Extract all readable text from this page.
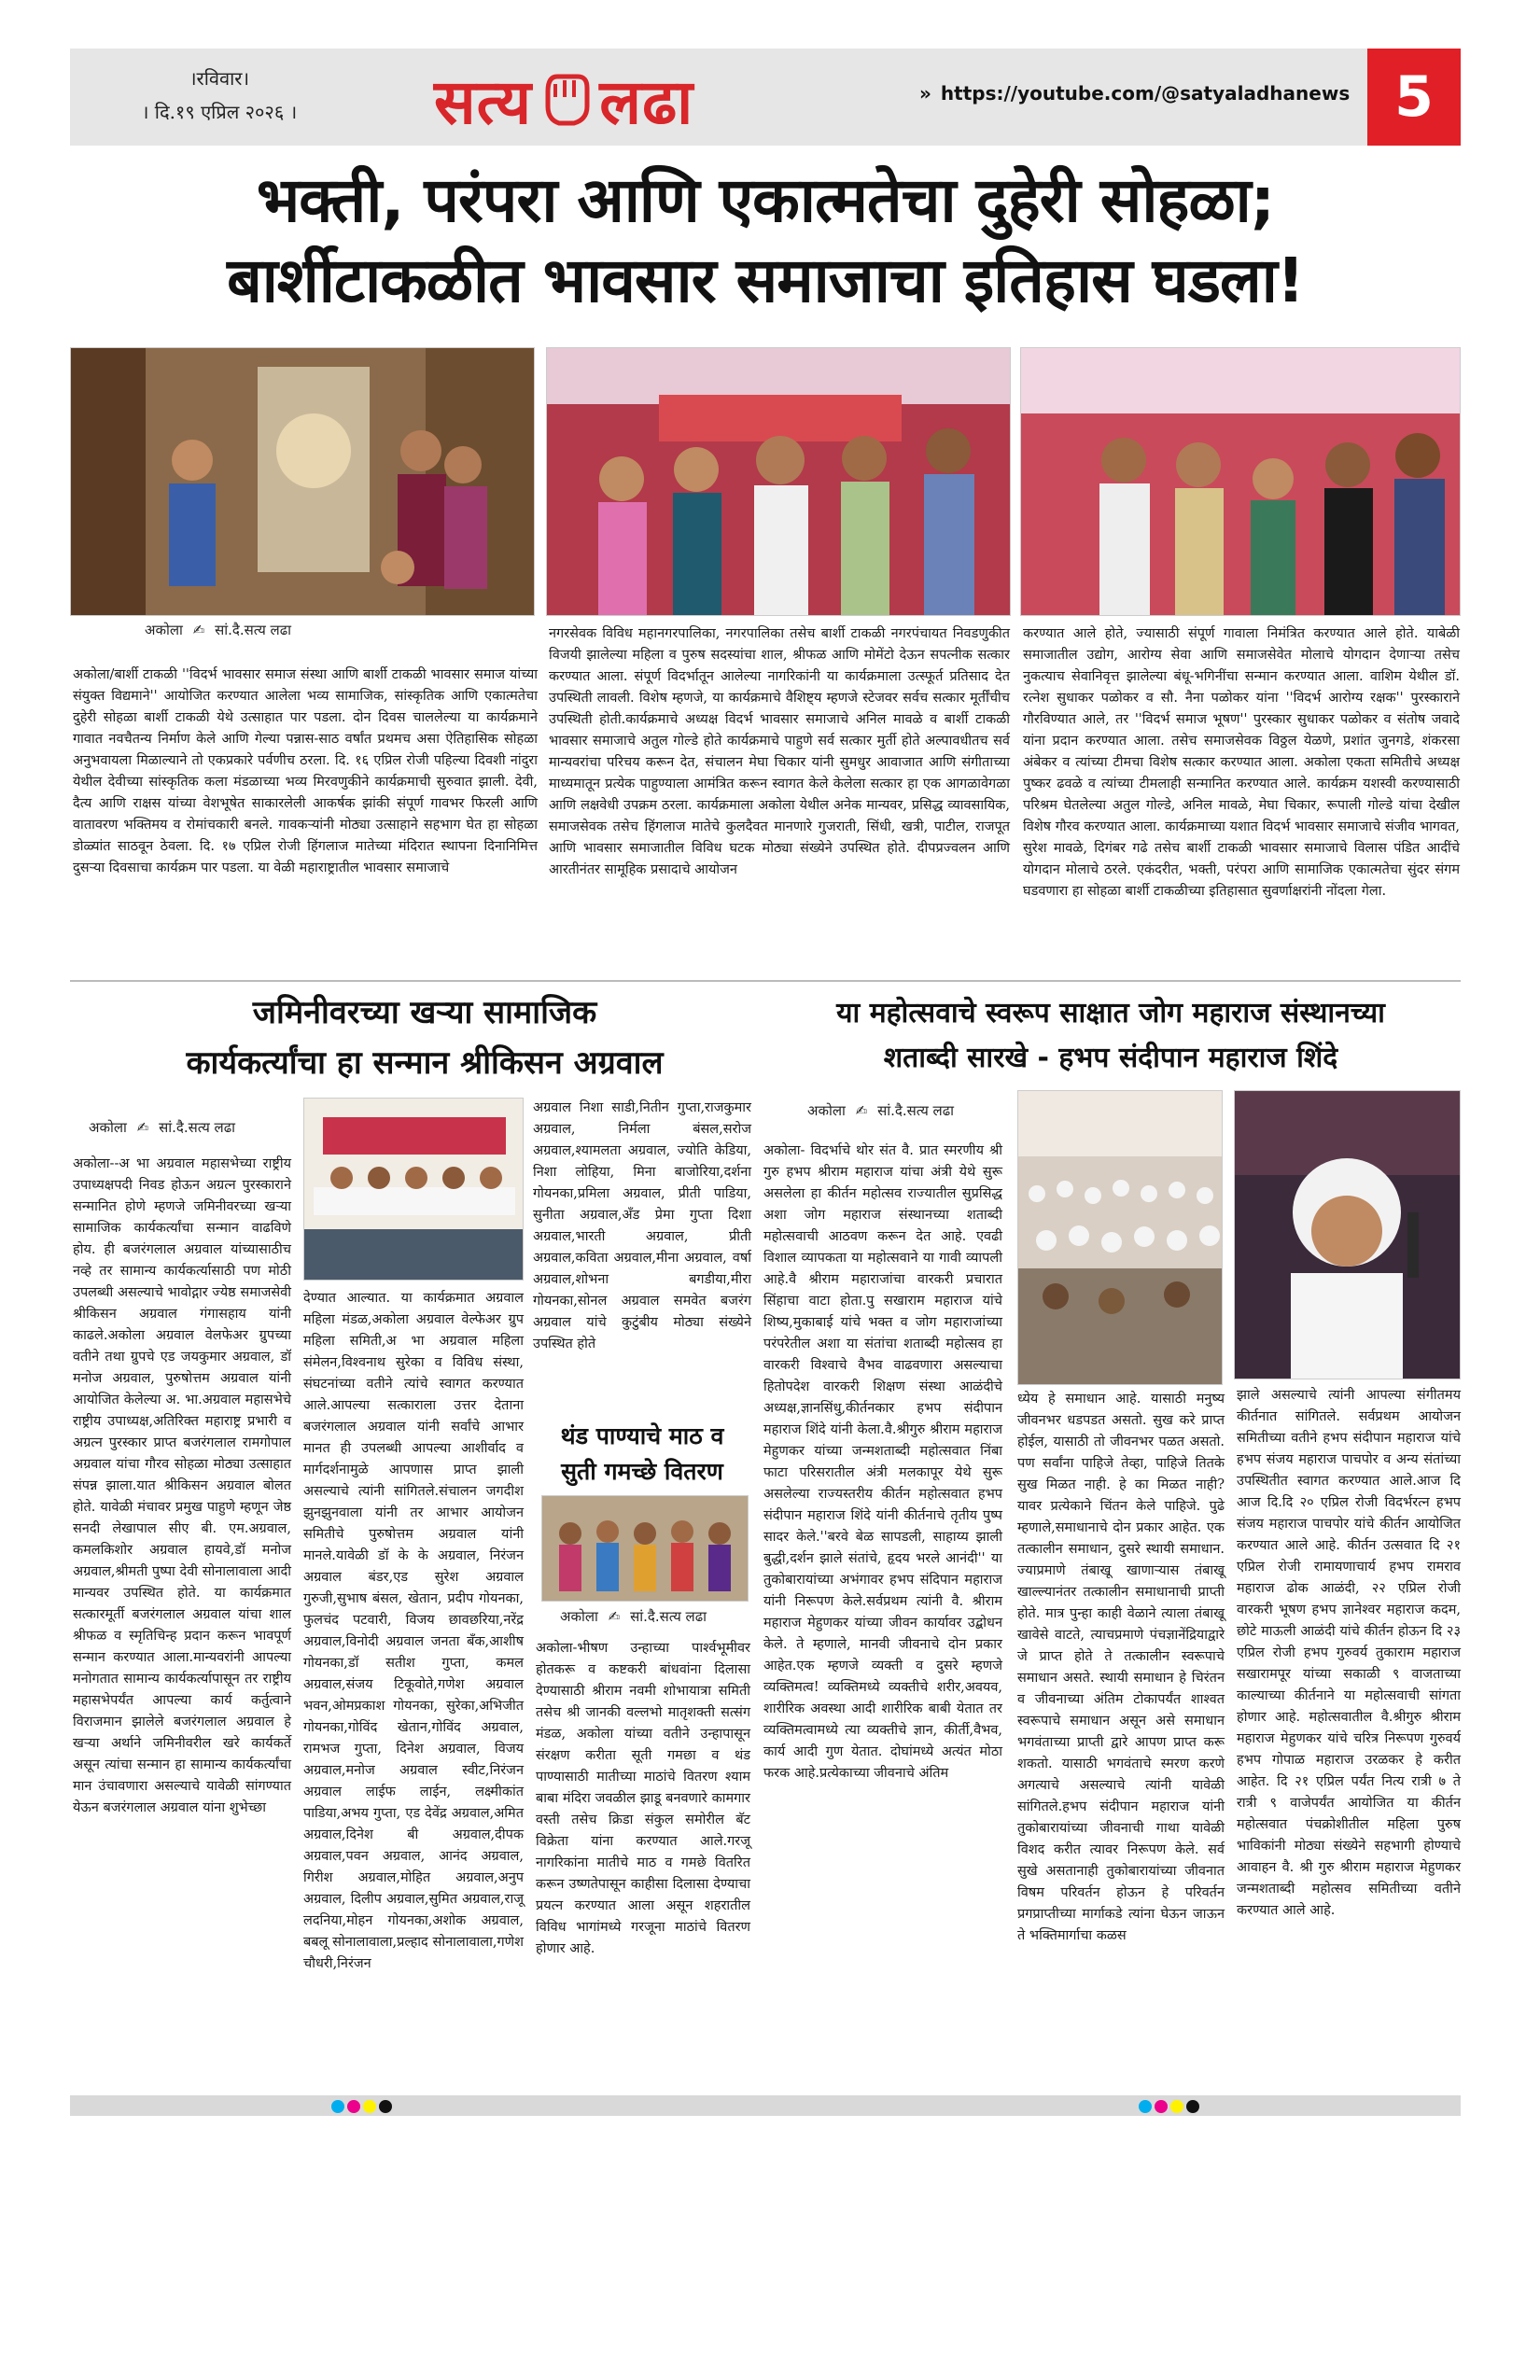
।रविवार।
। दि.१९ एप्रिल २०२६ ।	सत्य लढा	» https://youtube.com/@satyaladhanews 5
भक्ती, परंपरा आणि एकात्मतेचा दुहेरी सोहळा;
बार्शीटाकळीत भावसार समाजाचा इतिहास घडला!
अकोला ✍ सां.दै.सत्य लढा
अकोला/बार्शी टाकळी ''विदर्भ भावसार समाज संस्था आणि बार्शी टाकळी भावसार समाज यांच्या संयुक्त विद्यमाने'' आयोजित करण्यात आलेला भव्य सामाजिक, सांस्कृतिक आणि एकात्मतेचा दुहेरी सोहळा बार्शी टाकळी येथे उत्साहात पार पडला. दोन दिवस चाललेल्या या कार्यक्रमाने गावात नवचैतन्य निर्माण केले आणि गेल्या पन्नास-साठ वर्षांत प्रथमच असा ऐतिहासिक सोहळा अनुभवायला मिळाल्याने तो एकप्रकारे पर्वणीच ठरला. दि. १६ एप्रिल रोजी पहिल्या दिवशी नांदुरा येथील देवीच्या सांस्कृतिक कला मंडळाच्या भव्य मिरवणुकीने कार्यक्रमाची सुरुवात झाली. देवी, दैत्य आणि राक्षस यांच्या वेशभूषेत साकारलेली आकर्षक झांकी संपूर्ण गावभर फिरली आणि वातावरण भक्तिमय व रोमांचकारी बनले. गावकऱ्यांनी मोठ्या उत्साहाने सहभाग घेत हा सोहळा डोळ्यांत साठवून ठेवला. दि. १७ एप्रिल रोजी हिंगलाज मातेच्या मंदिरात स्थापना दिनानिमित्त दुसऱ्या दिवसाचा कार्यक्रम पार पडला. या वेळी महाराष्ट्रातील भावसार समाजाचे
नगरसेवक विविध महानगरपालिका, नगरपालिका तसेच बार्शी टाकळी नगरपंचायत निवडणुकीत विजयी झालेल्या महिला व पुरुष सदस्यांचा शाल, श्रीफळ आणि मोमेंटो देऊन सपत्नीक सत्कार करण्यात आला. संपूर्ण विदर्भातून आलेल्या नागरिकांनी या कार्यक्रमाला उत्स्फूर्त प्रतिसाद देत उपस्थिती लावली. विशेष म्हणजे, या कार्यक्रमाचे वैशिष्ट्य म्हणजे स्टेजवर सर्वच सत्कार मूर्तींचीच उपस्थिती होती.कार्यक्रमाचे अध्यक्ष विदर्भ भावसार समाजाचे अनिल मावळे व बार्शी टाकळी भावसार समाजाचे अतुल गोल्डे होते कार्यक्रमाचे पाहुणे सर्व सत्कार मुर्ती होते अल्पावधीतच सर्व मान्यवरांचा परिचय करून देत, संचालन मेघा चिकार यांनी सुमधुर आवाजात आणि संगीताच्या माध्यमातून प्रत्येक पाहुण्याला आमंत्रित करून स्वागत केले केलेला सत्कार हा एक आगळावेगळा आणि लक्षवेधी उपक्रम ठरला. कार्यक्रमाला अकोला येथील अनेक मान्यवर, प्रसिद्ध व्यावसायिक, समाजसेवक तसेच हिंगलाज मातेचे कुलदैवत मानणारे गुजराती, सिंधी, खत्री, पाटील, राजपूत आणि भावसार समाजातील विविध घटक मोठ्या संख्येने उपस्थित होते. दीपप्रज्वलन आणि आरतीनंतर सामूहिक प्रसादाचे आयोजन
करण्यात आले होते, ज्यासाठी संपूर्ण गावाला निमंत्रित करण्यात आले होते. याबेळी समाजातील उद्योग, आरोग्य सेवा आणि समाजसेवेत मोलाचे योगदान देणाऱ्या तसेच नुकत्याच सेवानिवृत्त झालेल्या बंधू-भगिनींचा सन्मान करण्यात आला. वाशिम येथील डॉ. रत्नेश सुधाकर पळोकर व सौ. नैना पळोकर यांना ''विदर्भ आरोग्य रक्षक'' पुरस्काराने गौरविण्यात आले, तर ''विदर्भ समाज भूषण'' पुरस्कार सुधाकर पळोकर व संतोष जवादे यांना प्रदान करण्यात आला. तसेच समाजसेवक विठ्ठल येळणे, प्रशांत जुनगडे, शंकरसा अंबेकर व त्यांच्या टीमचा विशेष सत्कार करण्यात आला. अकोला एकता समितीचे अध्यक्ष पुष्कर ढवळे व त्यांच्या टीमलाही सन्मानित करण्यात आले. कार्यक्रम यशस्वी करण्यासाठी परिश्रम घेतलेल्या अतुल गोल्डे, अनिल मावळे, मेघा चिकार, रूपाली गोल्डे यांचा देखील विशेष गौरव करण्यात आला. कार्यक्रमाच्या यशात विदर्भ भावसार समाजाचे संजीव भागवत, सुरेश मावळे, दिगंबर गढे तसेच बार्शी टाकळी भावसार समाजाचे विलास पंडित आदींचे योगदान मोलाचे ठरले. एकंदरीत, भक्ती, परंपरा आणि सामाजिक एकात्मतेचा सुंदर संगम घडवणारा हा सोहळा बार्शी टाकळीच्या इतिहासात सुवर्णाक्षरांनी नोंदला गेला.
जमिनीवरच्या खऱ्या सामाजिक
कार्यकर्त्यांचा हा सन्मान श्रीकिसन अग्रवाल
अकोला ✍ सां.दै.सत्य लढा
अकोला--अ भा अग्रवाल महासभेच्या राष्ट्रीय उपाध्यक्षपदी निवड होऊन अग्रत्न पुरस्काराने सन्मानित होणे म्हणजे जमिनीवरच्या खऱ्या सामाजिक कार्यकर्त्यांचा सन्मान वाढविणे होय. ही बजरंगलाल अग्रवाल यांच्यासाठीच नव्हे तर सामान्य कार्यकर्त्यासाठी पण मोठी उपलब्धी असल्याचे भावोद्गार ज्येष्ठ समाजसेवी श्रीकिसन अग्रवाल गंगासहाय यांनी काढले.अकोला अग्रवाल वेलफेअर ग्रुपच्या वतीने तथा ग्रुपचे एड जयकुमार अग्रवाल, डॉ मनोज अग्रवाल, पुरुषोत्तम अग्रवाल यांनी आयोजित केलेल्या अ. भा.अग्रवाल महासभेचे राष्ट्रीय उपाध्यक्ष,अतिरिक्त महाराष्ट्र प्रभारी व अग्रत्न पुरस्कार प्राप्त बजरंगलाल रामगोपाल अग्रवाल यांचा गौरव सोहळा मोठ्या उत्साहात संपन्न झाला.यात श्रीकिसन अग्रवाल बोलत होते. यावेळी मंचावर प्रमुख पाहुणे म्हणून जेष्ठ सनदी लेखापाल सीए बी. एम.अग्रवाल, कमलकिशोर अग्रवाल हायवे,डॉ मनोज अग्रवाल,श्रीमती पुष्पा देवी सोनालावाला आदी मान्यवर उपस्थित होते. या कार्यक्रमात सत्कारमूर्ती बजरंगलाल अग्रवाल यांचा शाल श्रीफळ व स्मृतिचिन्ह प्रदान करून भावपूर्ण सन्मान करण्यात आला.मान्यवरांनी आपल्या मनोगतात सामान्य कार्यकर्त्यापासून तर राष्ट्रीय महासभेपर्यंत आपल्या कार्य कर्तुत्वाने विराजमान झालेले बजरंगलाल अग्रवाल हे खऱ्या अर्थाने जमिनीवरील खरे कार्यकर्ते असून त्यांचा सन्मान हा सामान्य कार्यकर्त्यांचा मान उंचावणारा असल्याचे यावेळी सांगण्यात येऊन बजरंगलाल अग्रवाल यांना शुभेच्छा
देण्यात आल्यात. या कार्यक्रमात अग्रवाल महिला मंडळ,अकोला अग्रवाल वेल्फेअर ग्रुप महिला समिती,अ भा अग्रवाल महिला संमेलन,विश्वनाथ सुरेका व विविध संस्था, संघटनांच्या वतीने त्यांचे स्वागत करण्यात आले.आपल्या सत्काराला उत्तर देताना बजरंगलाल अग्रवाल यांनी सर्वांचे आभार मानत ही उपलब्धी आपल्या आशीर्वाद व मार्गदर्शनामुळे आपणास प्राप्त झाली असल्याचे त्यांनी सांगितले.संचालन जगदीश झुनझुनवाला यांनी तर आभार आयोजन समितीचे पुरुषोत्तम अग्रवाल यांनी मानले.यावेळी डॉ के के अग्रवाल, निरंजन अग्रवाल बंडर,एड सुरेश अग्रवाल गुरुजी,सुभाष बंसल, खेतान, प्रदीप गोयनका, फुलचंद पटवारी, विजय छावछरिया,नरेंद्र अग्रवाल,विनोदी अग्रवाल जनता बँक,आशीष गोयनका,डॉ सतीश गुप्ता, कमल अग्रवाल,संजय टिकूवोते,गणेश अग्रवाल भवन,ओमप्रकाश गोयनका, सुरेका,अभिजीत गोयनका,गोविंद खेतान,गोविंद अग्रवाल, रामभज गुप्ता, दिनेश अग्रवाल, विजय अग्रवाल,मनोज अग्रवाल स्वीट,निरंजन अग्रवाल लाईफ लाईन, लक्ष्मीकांत पाडिया,अभय गुप्ता, एड देवेंद्र अग्रवाल,अमित अग्रवाल,दिनेश बी अग्रवाल,दीपक अग्रवाल,पवन अग्रवाल, आनंद अग्रवाल, गिरीश अग्रवाल,मोहित अग्रवाल,अनुप अग्रवाल, दिलीप अग्रवाल,सुमित अग्रवाल,राजू लदनिया,मोहन गोयनका,अशोक अग्रवाल, बबलू सोनालावाला,प्रल्हाद सोनालावाला,गणेश चौधरी,निरंजन
अग्रवाल निशा साडी,नितीन गुप्ता,राजकुमार अग्रवाल, निर्मला बंसल,सरोज अग्रवाल,श्यामलता अग्रवाल, ज्योति केडिया, निशा लोहिया, मिना बाजोरिया,दर्शना गोयनका,प्रमिला अग्रवाल, प्रीती पाडिया, सुनीता अग्रवाल,अँड प्रेमा गुप्ता दिशा अग्रवाल,भारती अग्रवाल, प्रीती अग्रवाल,कविता अग्रवाल,मीना अग्रवाल, वर्षा अग्रवाल,शोभना बगडीया,मीरा गोयनका,सोनल अग्रवाल समवेत बजरंग अग्रवाल यांचे कुटुंबीय मोठ्या संख्येने उपस्थित होते
थंड पाण्याचे माठ व
सुती गमच्छे वितरण
अकोला ✍ सां.दै.सत्य लढा
अकोला-भीषण उन्हाच्या पार्श्वभूमीवर होतकरू व कष्टकरी बांधवांना दिलासा देण्यासाठी श्रीराम नवमी शोभायात्रा समिती तसेच श्री जानकी वल्लभो मातृशक्ती सत्संग मंडळ, अकोला यांच्या वतीने उन्हापासून संरक्षण करीता सूती गमछा व थंड पाण्यासाठी मातीच्या माठांचे वितरण श्याम बाबा मंदिरा जवळील झाडू बनवणारे कामगार वस्ती तसेच क्रिडा संकुल समोरील बॅट विक्रेता यांना करण्यात आले.गरजू नागरिकांना मातीचे माठ व गमछे वितरित करून उष्णतेपासून काहीसा दिलासा देण्याचा प्रयत्न करण्यात आला असून शहरातील विविध भागांमध्ये गरजूना माठांचे वितरण होणार आहे.
या महोत्सवाचे स्वरूप साक्षात जोग महाराज संस्थानच्या
शताब्दी सारखे - हभप संदीपान महाराज शिंदे
अकोला ✍ सां.दै.सत्य लढा
अकोला- विदर्भाचे थोर संत वै. प्रात स्मरणीय श्री गुरु हभप श्रीराम महाराज यांचा अंत्री येथे सुरू असलेला हा कीर्तन महोत्सव राज्यातील सुप्रसिद्ध अशा जोग महाराज संस्थानच्या शताब्दी महोत्सवाची आठवण करून देत आहे. एवढी विशाल व्यापकता या महोत्सवाने या गावी व्यापली आहे.वै श्रीराम महाराजांचा वारकरी प्रचारात सिंहाचा वाटा होता.पु सखाराम महाराज यांचे शिष्य,मुकाबाई यांचे भक्त व जोग महाराजांच्या परंपरेतील अशा या संतांचा शताब्दी महोत्सव हा वारकरी विश्वाचे वैभव वाढवणारा असल्याचा हितोपदेश वारकरी शिक्षण संस्था आळंदीचे अध्यक्ष,ज्ञानसिंधु,कीर्तनकार हभप संदीपान महाराज शिंदे यांनी केला.वै.श्रीगुरु श्रीराम महाराज मेहुणकर यांच्या जन्मशताब्दी महोत्सवात निंबा फाटा परिसरातील अंत्री मलकापूर येथे सुरू असलेल्या राज्यस्तरीय कीर्तन महोत्सवात हभप संदीपान महाराज शिंदे यांनी कीर्तनाचे तृतीय पुष्प सादर केले.''बरवे बेळ सापडली, साहाय्य झाली बुद्धी,दर्शन झाले संतांचे, हृदय भरले आनंदी'' या तुकोबारायांच्या अभंगावर हभप संदिपान महाराज यांनी निरूपण केले.सर्वप्रथम त्यांनी वै. श्रीराम महाराज मेहुणकर यांच्या जीवन कार्यावर उद्बोधन केले. ते म्हणाले, मानवी जीवनाचे दोन प्रकार आहेत.एक म्हणजे व्यक्ती व दुसरे म्हणजे व्यक्तिमत्व! व्यक्तिमध्ये व्यक्तीचे शरीर,अवयव, शारीरिक अवस्था आदी शारीरिक बाबी येतात तर व्यक्तिमत्वामध्ये त्या व्यक्तीचे ज्ञान, कीर्ती,वैभव, कार्य आदी गुण येतात. दोघांमध्ये अत्यंत मोठा फरक आहे.प्रत्येकाच्या जीवनाचे अंतिम
ध्येय हे समाधान आहे. यासाठी मनुष्य जीवनभर धडपडत असतो. सुख करे प्राप्त होईल, यासाठी तो जीवनभर पळत असतो. पण सर्वांना पाहिजे तेव्हा, पाहिजे तितके सुख मिळत नाही. हे का मिळत नाही? यावर प्रत्येकाने चिंतन केले पाहिजे. पुढे म्हणाले,समाधानाचे दोन प्रकार आहेत. एक तत्कालीन समाधान, दुसरे स्थायी समाधान. ज्याप्रमाणे तंबाखू खाणाऱ्यास तंबाखू खाल्ल्यानंतर तत्कालीन समाधानाची प्राप्ती होते. मात्र पुन्हा काही वेळाने त्याला तंबाखू खावेसे वाटते, त्याचप्रमाणे पंचज्ञानेंद्रियाद्वारे जे प्राप्त होते ते तत्कालीन स्वरूपाचे समाधान असते. स्थायी समाधान हे चिरंतन व जीवनाच्या अंतिम टोकापर्यंत शाश्वत स्वरूपाचे समाधान असून असे समाधान भगवंताच्या प्राप्ती द्वारे आपण प्राप्त करू शकतो. यासाठी भगवंताचे स्मरण करणे अगत्याचे असल्याचे त्यांनी यावेळी सांगितले.हभप संदीपान महाराज यांनी तुकोबारायांच्या जीवनाची गाथा यावेळी विशद करीत त्यावर निरूपण केले. सर्व सुखे असतानाही तुकोबारायांच्या जीवनात विषम परिवर्तन होऊन हे परिवर्तन प्रगप्राप्तीच्या मार्गाकडे त्यांना घेऊन जाऊन ते भक्तिमार्गाचा कळस
झाले असल्याचे त्यांनी आपल्या संगीतमय कीर्तनात सांगितले. सर्वप्रथम आयोजन समितीच्या वतीने हभप संदीपान महाराज यांचे हभप संजय महाराज पाचपोर व अन्य संतांच्या उपस्थितीत स्वागत करण्यात आले.आज दि आज दि.दि २० एप्रिल रोजी विदर्भरत्न हभप संजय महाराज पाचपोर यांचे कीर्तन आयोजित करण्यात आले आहे. कीर्तन उत्सवात दि २१ एप्रिल रोजी रामायणाचार्य हभप रामराव महाराज ढोक आळंदी, २२ एप्रिल रोजी वारकरी भूषण हभप ज्ञानेश्वर महाराज कदम, छोटे माऊली आळंदी यांचे कीर्तन होऊन दि २३ एप्रिल रोजी हभप गुरुवर्य तुकाराम महाराज सखारामपूर यांच्या सकाळी ९ वाजताच्या काल्याच्या कीर्तनाने या महोत्सवाची सांगता होणार आहे. महोत्सवातील वै.श्रीगुरु श्रीराम महाराज मेहुणकर यांचे चरित्र निरूपण गुरुवर्य हभप गोपाळ महाराज उरळकर हे करीत आहेत. दि २१ एप्रिल पर्यंत नित्य रात्री ७ ते रात्री ९ वाजेपर्यंत आयोजित या कीर्तन महोत्सवात पंचक्रोशीतील महिला पुरुष भाविकांनी मोठ्या संख्येने सहभागी होण्याचे आवाहन वै. श्री गुरु श्रीराम महाराज मेहुणकर जन्मशताब्दी महोत्सव समितीच्या वतीने करण्यात आले आहे.
